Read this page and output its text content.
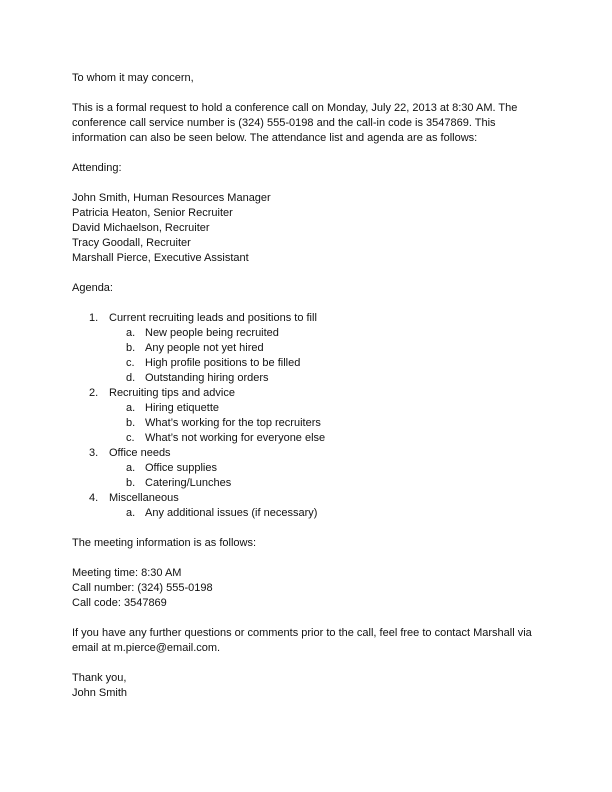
To whom it may concern,

This is a formal request to hold a conference call on Monday, July 22, 2013 at 8:30 AM. The
conference call service number is (324) 555-0198 and the call-in code is 3547869. This
information can also be seen below. The attendance list and agenda are as follows:

Attending:

John Smith, Human Resources Manager
Patricia Heaton, Senior Recruiter
David Michaelson, Recruiter
Tracy Goodall, Recruiter
Marshall Pierce, Executive Assistant

Agenda:

1. Current recruiting leads and positions to fill
a. New people being recruited
b. Any people not yet hired
c. High profile positions to be filled
d. Outstanding hiring orders
2. Recruiting tips and advice
a. Hiring etiquette
b. What’s working for the top recruiters
c. What’s not working for everyone else
3. Office needs
a. Office supplies
b. Catering/Lunches
4. Miscellaneous
a. Any additional issues (if necessary)

The meeting information is as follows:

Meeting time: 8:30 AM
Call number: (324) 555-0198
Call code: 3547869
If you have any further questions or comments prior to the call, feel free to contact Marshall via
email at m.pierce@email.com.
Thank you,
John Smith
